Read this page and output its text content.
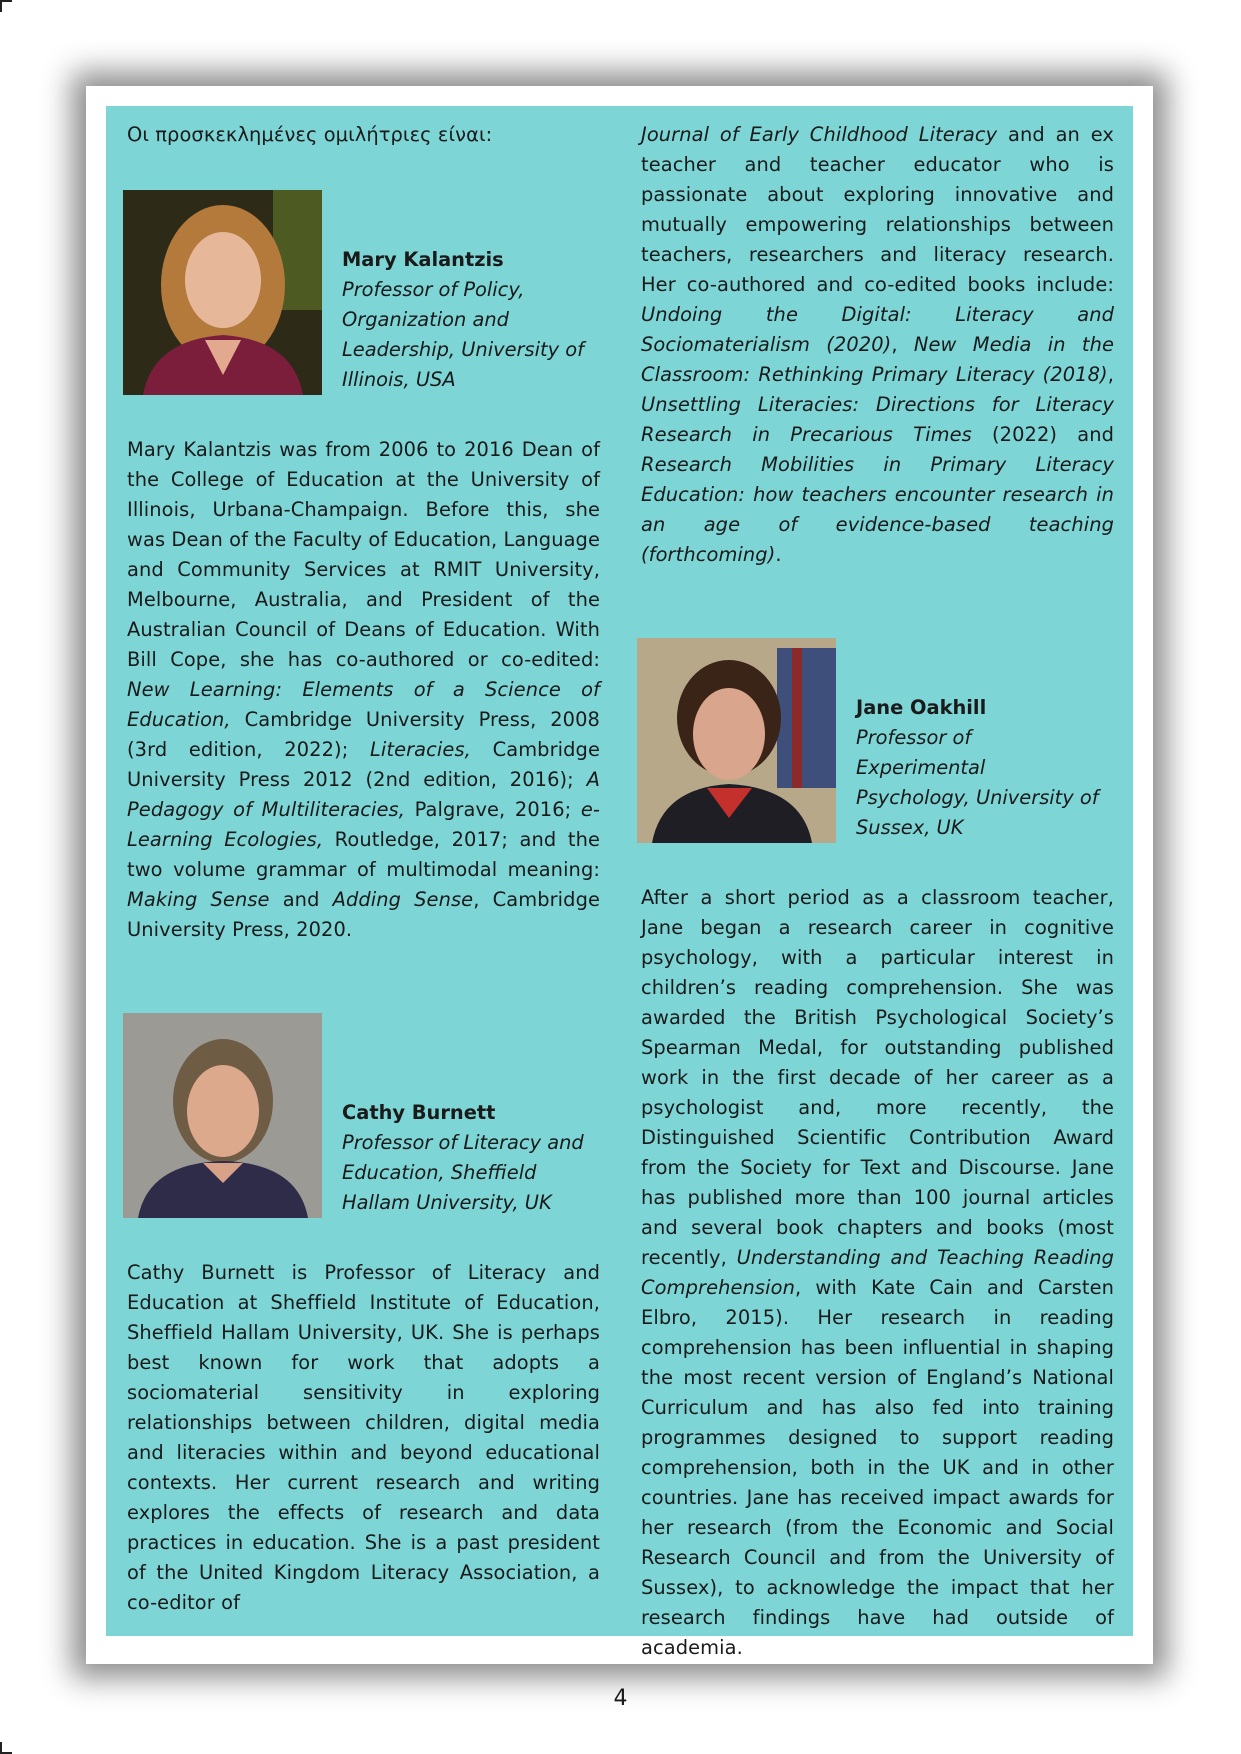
Οι προσκεκλημένες ομιλήτριες είναι:

Mary Kalantzis
Professor of Policy,
Organization and
Leadership, University of
Illinois, USA

Mary Kalantzis was from 2006 to 2016 Dean of the College of Education at the University of Illinois, Urbana-Champaign. Before this, she was Dean of the Faculty of Education, Language and Community Services at RMIT University, Melbourne, Australia, and President of the Australian Council of Deans of Education. With Bill Cope, she has co-authored or co-edited: New Learning: Elements of a Science of Education, Cambridge University Press, 2008 (3rd edition, 2022); Literacies, Cambridge University Press 2012 (2nd edition, 2016); A Pedagogy of Multiliteracies, Palgrave, 2016; e-Learning Ecologies, Routledge, 2017; and the two volume grammar of multimodal meaning: Making Sense and Adding Sense, Cambridge University Press, 2020.

Cathy Burnett
Professor of Literacy and
Education, Sheffield
Hallam University, UK

Cathy Burnett is Professor of Literacy and Education at Sheffield Institute of Education, Sheffield Hallam University, UK. She is perhaps best known for work that adopts a sociomaterial sensitivity in exploring relationships between children, digital media and literacies within and beyond educational contexts. Her current research and writing explores the effects of research and data practices in education. She is a past president of the United Kingdom Literacy Association, a co-editor of

Journal of Early Childhood Literacy and an ex teacher and teacher educator who is passionate about exploring innovative and mutually empowering relationships between teachers, researchers and literacy research. Her co-authored and co-edited books include: Undoing the Digital: Literacy and Sociomaterialism (2020), New Media in the Classroom: Rethinking Primary Literacy (2018), Unsettling Literacies: Directions for Literacy Research in Precarious Times (2022) and Research Mobilities in Primary Literacy Education: how teachers encounter research in an age of evidence-based teaching (forthcoming).

Jane Oakhill
Professor of
Experimental
Psychology, University of
Sussex, UK

After a short period as a classroom teacher, Jane began a research career in cognitive psychology, with a particular interest in children’s reading comprehension. She was awarded the British Psychological Society’s Spearman Medal, for outstanding published work in the first decade of her career as a psychologist and, more recently, the Distinguished Scientific Contribution Award from the Society for Text and Discourse. Jane has published more than 100 journal articles and several book chapters and books (most recently, Understanding and Teaching Reading Comprehension, with Kate Cain and Carsten Elbro, 2015). Her research in reading comprehension has been influential in shaping the most recent version of England’s National Curriculum and has also fed into training programmes designed to support reading comprehension, both in the UK and in other countries. Jane has received impact awards for her research (from the Economic and Social Research Council and from the University of Sussex), to acknowledge the impact that her research findings have had outside of academia.

4
